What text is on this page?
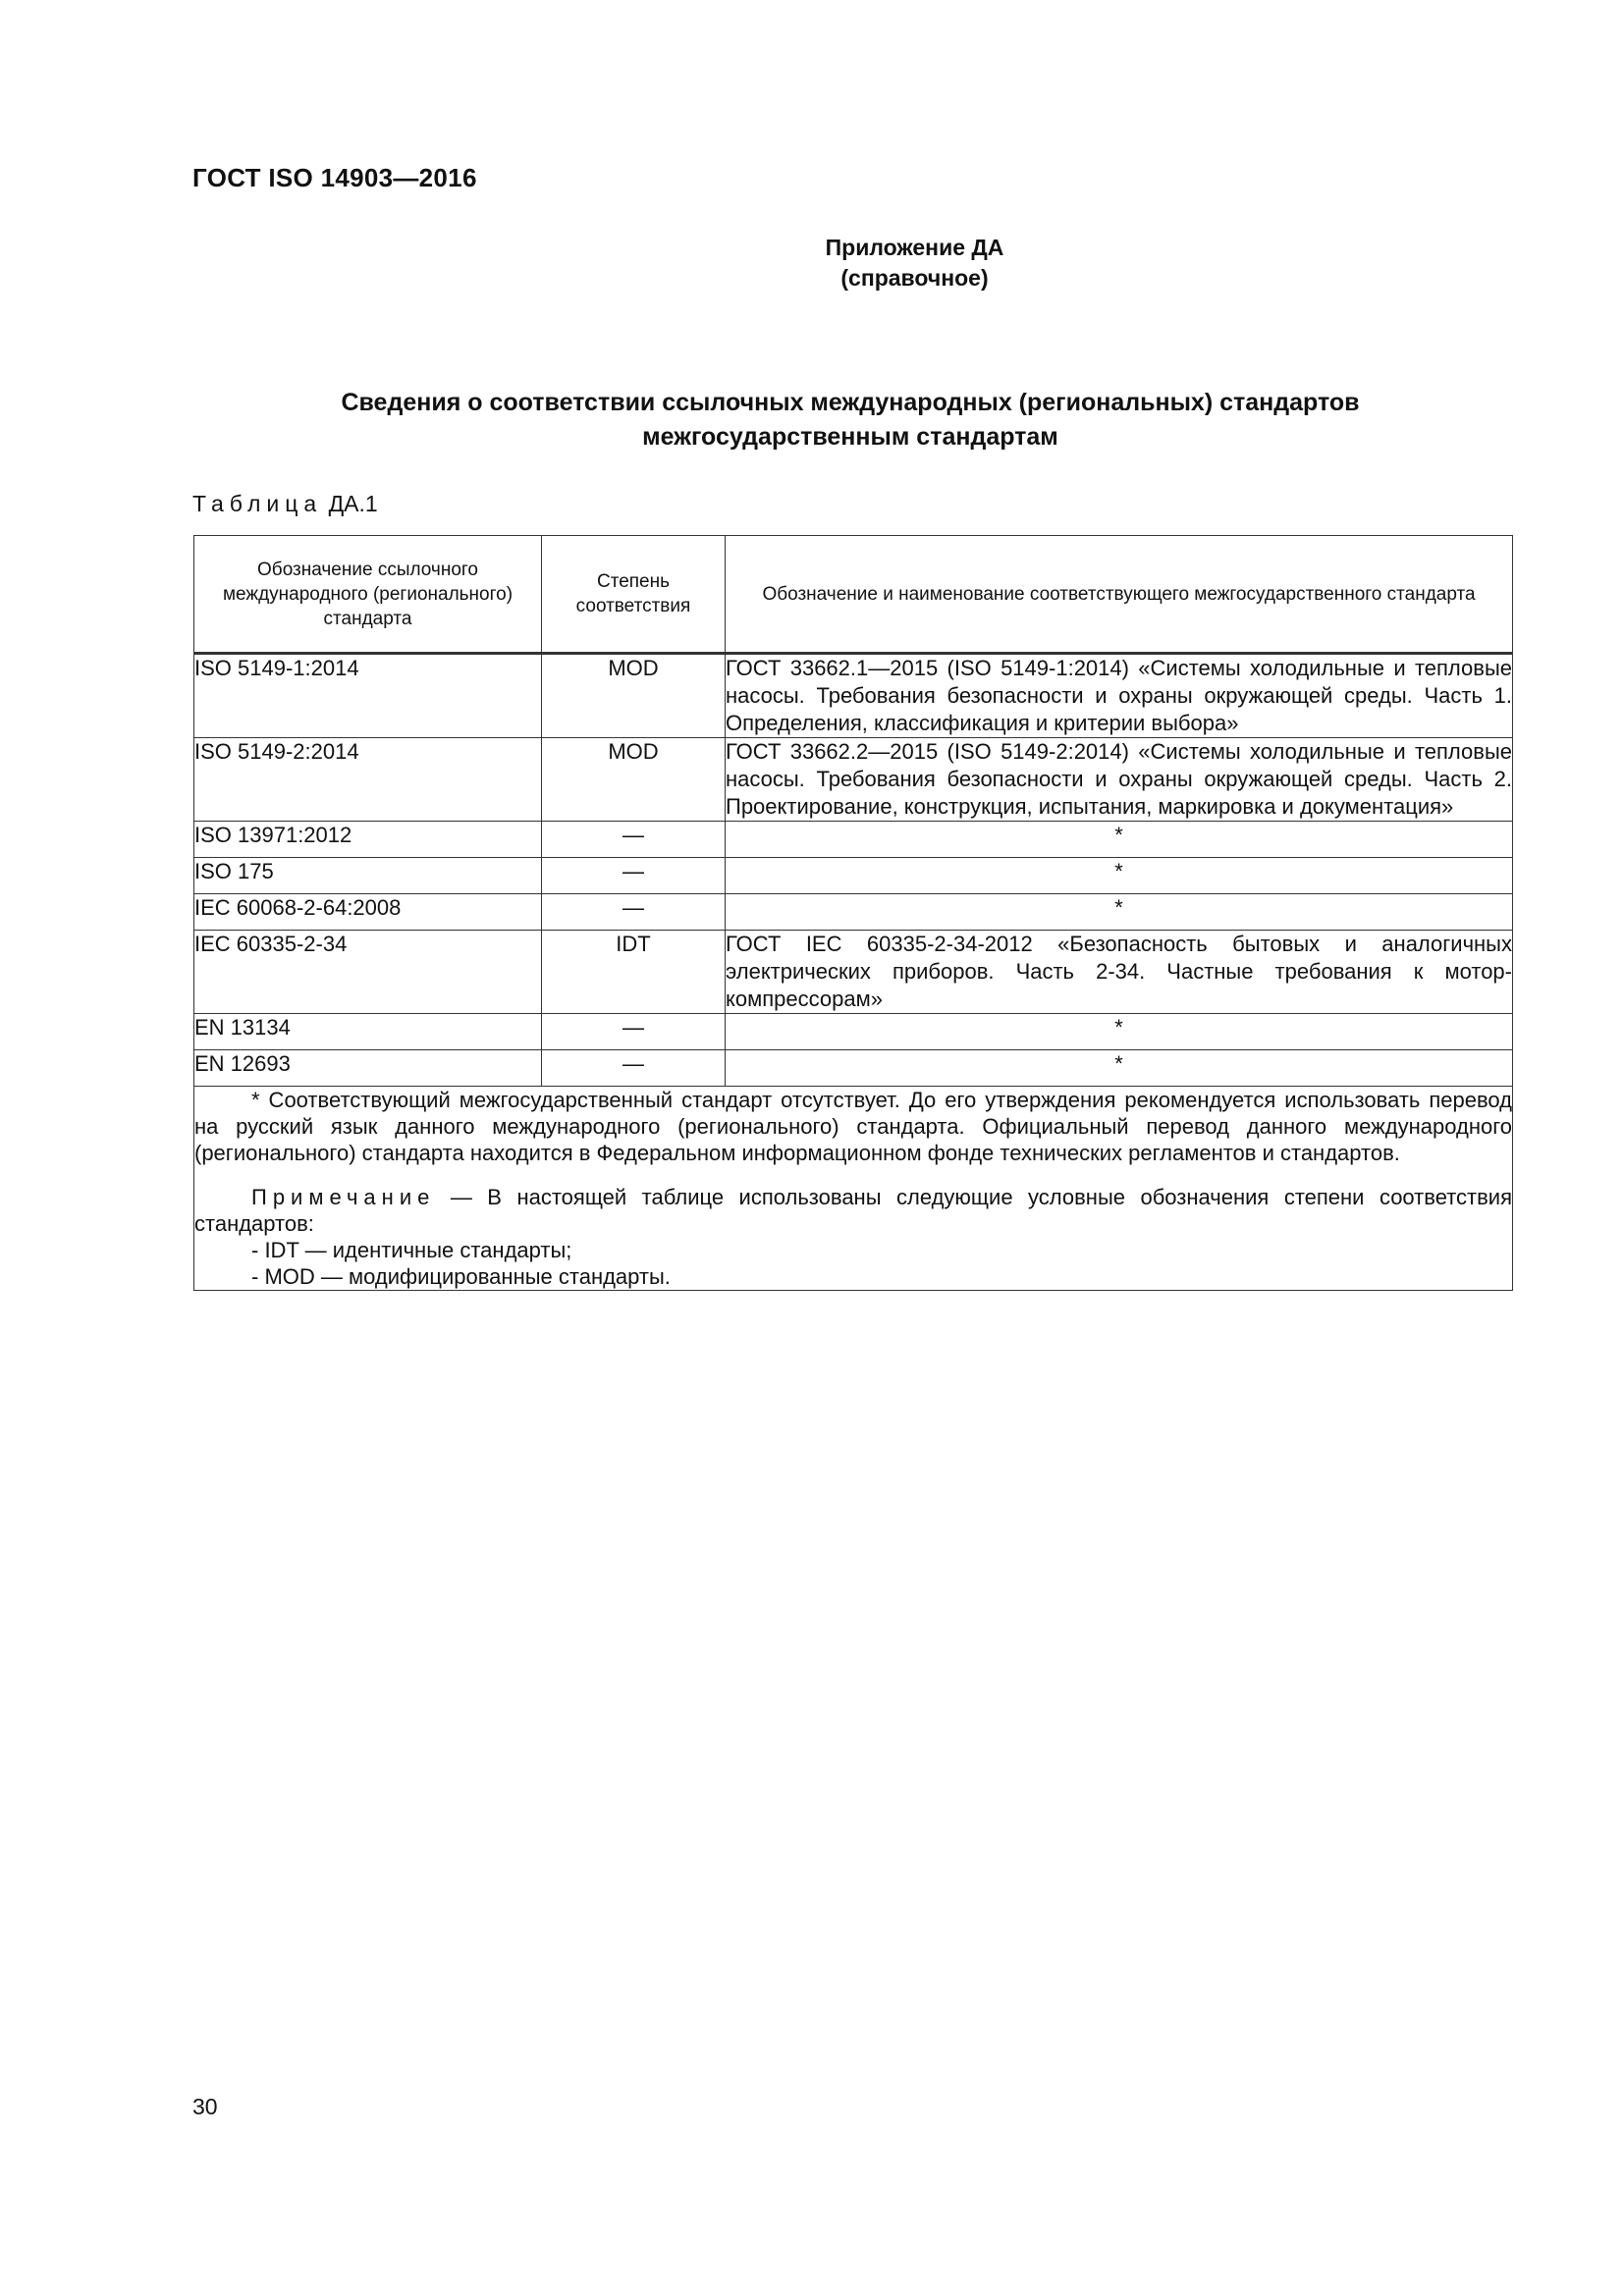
ГОСТ ISO 14903—2016
Приложение ДА
(справочное)
Сведения о соответствии ссылочных международных (региональных) стандартов
межгосударственным стандартам
Таблица ДА.1
Обозначение ссылочного международного (регионального) стандарта	Степень соответствия	Обозначение и наименование соответствующего межгосударственного стандарта
ISO 5149-1:2014	MOD	ГОСТ 33662.1—2015 (ISO 5149-1:2014) «Системы холодильные и тепловые насосы. Требования безопасности и охраны окружающей среды. Часть 1. Определения, классификация и критерии выбора»
ISO 5149-2:2014	MOD	ГОСТ 33662.2—2015 (ISO 5149-2:2014) «Системы холодильные и тепловые насосы. Требования безопасности и охраны окружающей среды. Часть 2. Проектирование, конструкция, испытания, маркировка и документация»
ISO 13971:2012	—	*
ISO 175	—	*
IEC 60068-2-64:2008	—	*
IEC 60335-2-34	IDT	ГОСТ IEC 60335-2-34-2012 «Безопасность бытовых и аналогичных электрических приборов. Часть 2-34. Частные требования к мотор-компрессорам»
EN 13134	—	*
EN 12693	—	*

* Соответствующий межгосударственный стандарт отсутствует. До его утверждения рекомендуется использовать перевод на русский язык данного международного (регионального) стандарта. Официальный перевод данного международного (регионального) стандарта находится в Федеральном информационном фонде технических регламентов и стандартов.

Примечание — В настоящей таблице использованы следующие условные обозначения степени соответствия стандартов:

- IDT — идентичные стандарты;

- MOD — модифицированные стандарты.		

30
